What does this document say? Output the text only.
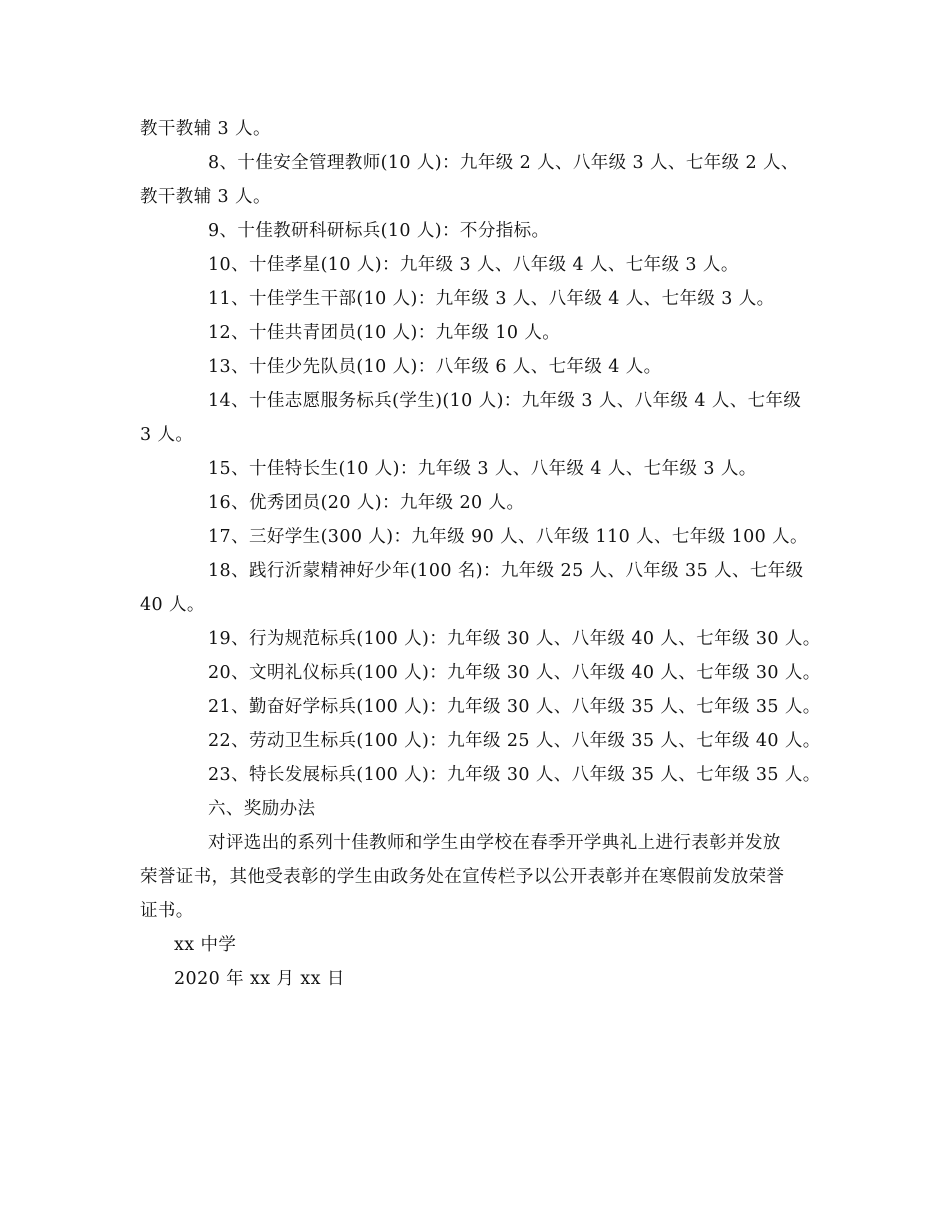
教干教辅 3 人。
8、十佳安全管理教师(10 人)：九年级 2 人、八年级 3 人、七年级 2 人、
教干教辅 3 人。
9、十佳教研科研标兵(10 人)：不分指标。
10、十佳孝星(10 人)：九年级 3 人、八年级 4 人、七年级 3 人。
11、十佳学生干部(10 人)：九年级 3 人、八年级 4 人、七年级 3 人。
12、十佳共青团员(10 人)：九年级 10 人。
13、十佳少先队员(10 人)：八年级 6 人、七年级 4 人。
14、十佳志愿服务标兵(学生)(10 人)：九年级 3 人、八年级 4 人、七年级
3 人。
15、十佳特长生(10 人)：九年级 3 人、八年级 4 人、七年级 3 人。
16、优秀团员(20 人)：九年级 20 人。
17、三好学生(300 人)：九年级 90 人、八年级 110 人、七年级 100 人。
18、践行沂蒙精神好少年(100 名)：九年级 25 人、八年级 35 人、七年级
40 人。
19、行为规范标兵(100 人)：九年级 30 人、八年级 40 人、七年级 30 人。
20、文明礼仪标兵(100 人)：九年级 30 人、八年级 40 人、七年级 30 人。
21、勤奋好学标兵(100 人)：九年级 30 人、八年级 35 人、七年级 35 人。
22、劳动卫生标兵(100 人)：九年级 25 人、八年级 35 人、七年级 40 人。
23、特长发展标兵(100 人)：九年级 30 人、八年级 35 人、七年级 35 人。
六、奖励办法
对评选出的系列十佳教师和学生由学校在春季开学典礼上进行表彰并发放
荣誉证书，其他受表彰的学生由政务处在宣传栏予以公开表彰并在寒假前发放荣誉
证书。
xx 中学
2020 年 xx 月 xx 日
